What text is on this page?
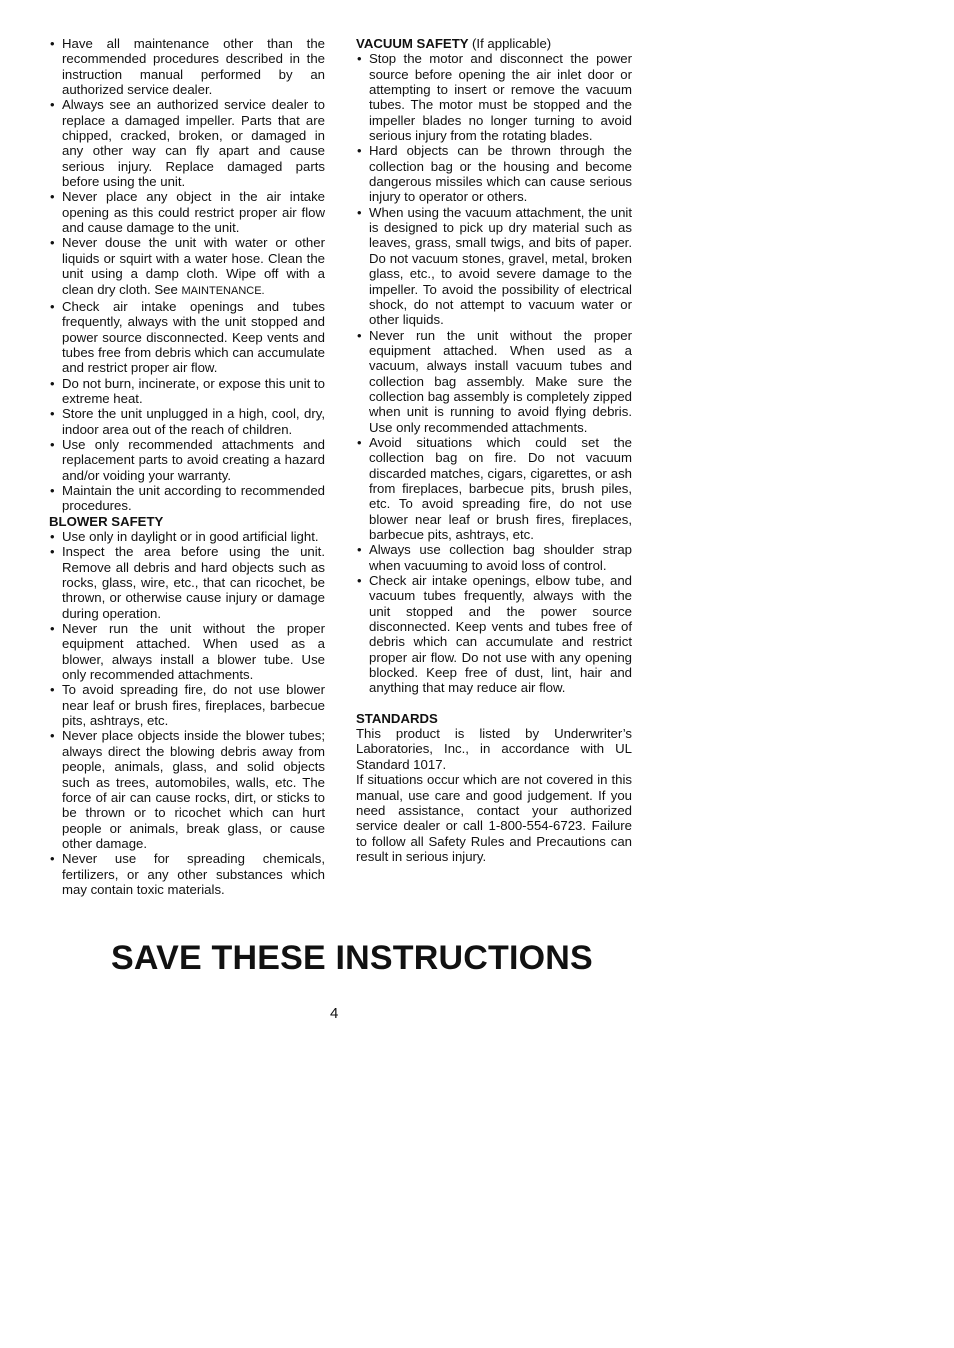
• Have all maintenance other than the recommended procedures described in the instruction manual performed by an authorized service dealer.
• Always see an authorized service dealer to replace a damaged impeller. Parts that are chipped, cracked, broken, or damaged in any other way can fly apart and cause serious injury. Replace damaged parts before using the unit.
• Never place any object in the air intake opening as this could restrict proper air flow and cause damage to the unit.
• Never douse the unit with water or other liquids or squirt with a water hose. Clean the unit using a damp cloth. Wipe off with a clean dry cloth. See MAINTENANCE.
• Check air intake openings and tubes frequently, always with the unit stopped and power source disconnected. Keep vents and tubes free from debris which can accumulate and restrict proper air flow.
• Do not burn, incinerate, or expose this unit to extreme heat.
• Store the unit unplugged in a high, cool, dry, indoor area out of the reach of children.
• Use only recommended attachments and replacement parts to avoid creating a hazard and/or voiding your warranty.
• Maintain the unit according to recommended procedures.

BLOWER SAFETY

• Use only in daylight or in good artificial light.
• Inspect the area before using the unit. Remove all debris and hard objects such as rocks, glass, wire, etc., that can ricochet, be thrown, or otherwise cause injury or damage during operation.
• Never run the unit without the proper equipment attached. When used as a blower, always install a blower tube. Use only recommended attachments.
• To avoid spreading fire, do not use blower near leaf or brush fires, fireplaces, barbecue pits, ashtrays, etc.
• Never place objects inside the blower tubes; always direct the blowing debris away from people, animals, glass, and solid objects such as trees, automobiles, walls, etc. The force of air can cause rocks, dirt, or sticks to be thrown or to ricochet which can hurt people or animals, break glass, or cause other damage.
• Never use for spreading chemicals, fertilizers, or any other substances which may contain toxic materials.

VACUUM SAFETY (If applicable)

• Stop the motor and disconnect the power source before opening the air inlet door or attempting to insert or remove the vacuum tubes. The motor must be stopped and the impeller blades no longer turning to avoid serious injury from the rotating blades.
• Hard objects can be thrown through the collection bag or the housing and become dangerous missiles which can cause serious injury to operator or others.
• When using the vacuum attachment, the unit is designed to pick up dry material such as leaves, grass, small twigs, and bits of paper. Do not vacuum stones, gravel, metal, broken glass, etc., to avoid severe damage to the impeller. To avoid the possibility of electrical shock, do not attempt to vacuum water or other liquids.
• Never run the unit without the proper equipment attached. When used as a vacuum, always install vacuum tubes and collection bag assembly. Make sure the collection bag assembly is completely zipped when unit is running to avoid flying debris. Use only recommended attachments.
• Avoid situations which could set the collection bag on fire. Do not vacuum discarded matches, cigars, cigarettes, or ash from fireplaces, barbecue pits, brush piles, etc. To avoid spreading fire, do not use blower near leaf or brush fires, fireplaces, barbecue pits, ashtrays, etc.
• Always use collection bag shoulder strap when vacuuming to avoid loss of control.
• Check air intake openings, elbow tube, and vacuum tubes frequently, always with the unit stopped and the power source disconnected. Keep vents and tubes free of debris which can accumulate and restrict proper air flow. Do not use with any opening blocked. Keep free of dust, lint, hair and anything that may reduce air flow.

STANDARDS

This product is listed by Underwriter’s Laboratories, Inc., in accordance with UL Standard 1017.

If situations occur which are not covered in this manual, use care and good judgement. If you need assistance, contact your authorized service dealer or call 1-800-554-6723. Failure to follow all Safety Rules and Precautions can result in serious injury.

SAVE THESE INSTRUCTIONS
4
